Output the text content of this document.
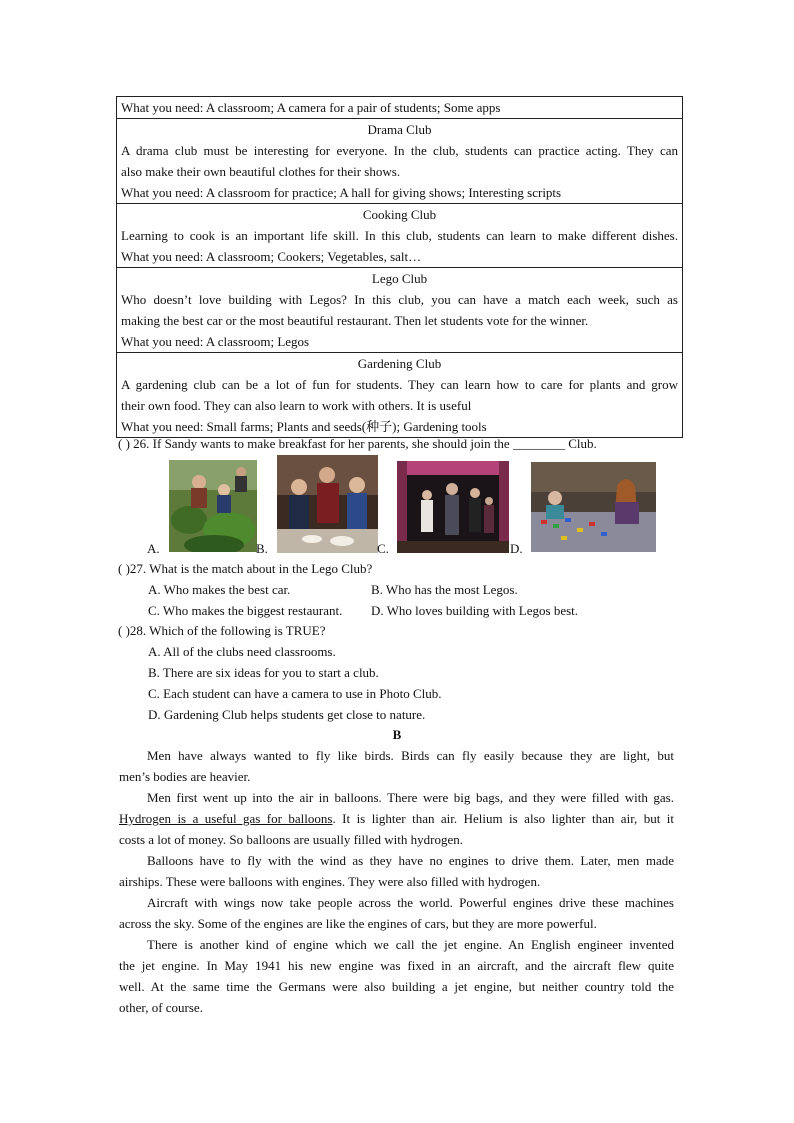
What you need: A classroom; A camera for a pair of students; Some apps
Drama Club
A drama club must be interesting for everyone. In the club, students can practice acting. They can
also make their own beautiful clothes for their shows.
What you need: A classroom for practice; A hall for giving shows; Interesting scripts
Cooking Club
Learning to cook is an important life skill. In this club, students can learn to make different dishes.
What you need: A classroom; Cookers; Vegetables, salt…
Lego Club
Who doesn’t love building with Legos? In this club, you can have a match each week, such as
making the best car or the most beautiful restaurant. Then let students vote for the winner.
What you need: A classroom; Legos
Gardening Club
A gardening club can be a lot of fun for students. They can learn how to care for plants and grow
their own food. They can also learn to work with others. It is useful
What you need: Small farms; Plants and seeds(种子); Gardening tools
( ) 26. If Sandy wants to make breakfast for her parents, she should join the ________ Club.
A.	B.	C.	D.
( )27. What is the match about in the Lego Club?
A. Who makes the best car.	B. Who has the most Legos.
C. Who makes the biggest restaurant. D. Who loves building with Legos best.
( )28. Which of the following is TRUE?
A. All of the clubs need classrooms.
B. There are six ideas for you to start a club.
C. Each student can have a camera to use in Photo Club.
D. Gardening Club helps students get close to nature.
B
Men have always wanted to fly like birds. Birds can fly easily because they are light, but
men’s bodies are heavier.
Men first went up into the air in balloons. There were big bags, and they were filled with gas.
Hydrogen is a useful gas for balloons. It is lighter than air. Helium is also lighter than air, but it
costs a lot of money. So balloons are usually filled with hydrogen.
Balloons have to fly with the wind as they have no engines to drive them. Later, men made
airships. These were balloons with engines. They were also filled with hydrogen.
Aircraft with wings now take people across the world. Powerful engines drive these machines
across the sky. Some of the engines are like the engines of cars, but they are more powerful.
There is another kind of engine which we call the jet engine. An English engineer invented
the jet engine. In May 1941 his new engine was fixed in an aircraft, and the aircraft flew quite
well. At the same time the Germans were also building a jet engine, but neither country told the
other, of course.
